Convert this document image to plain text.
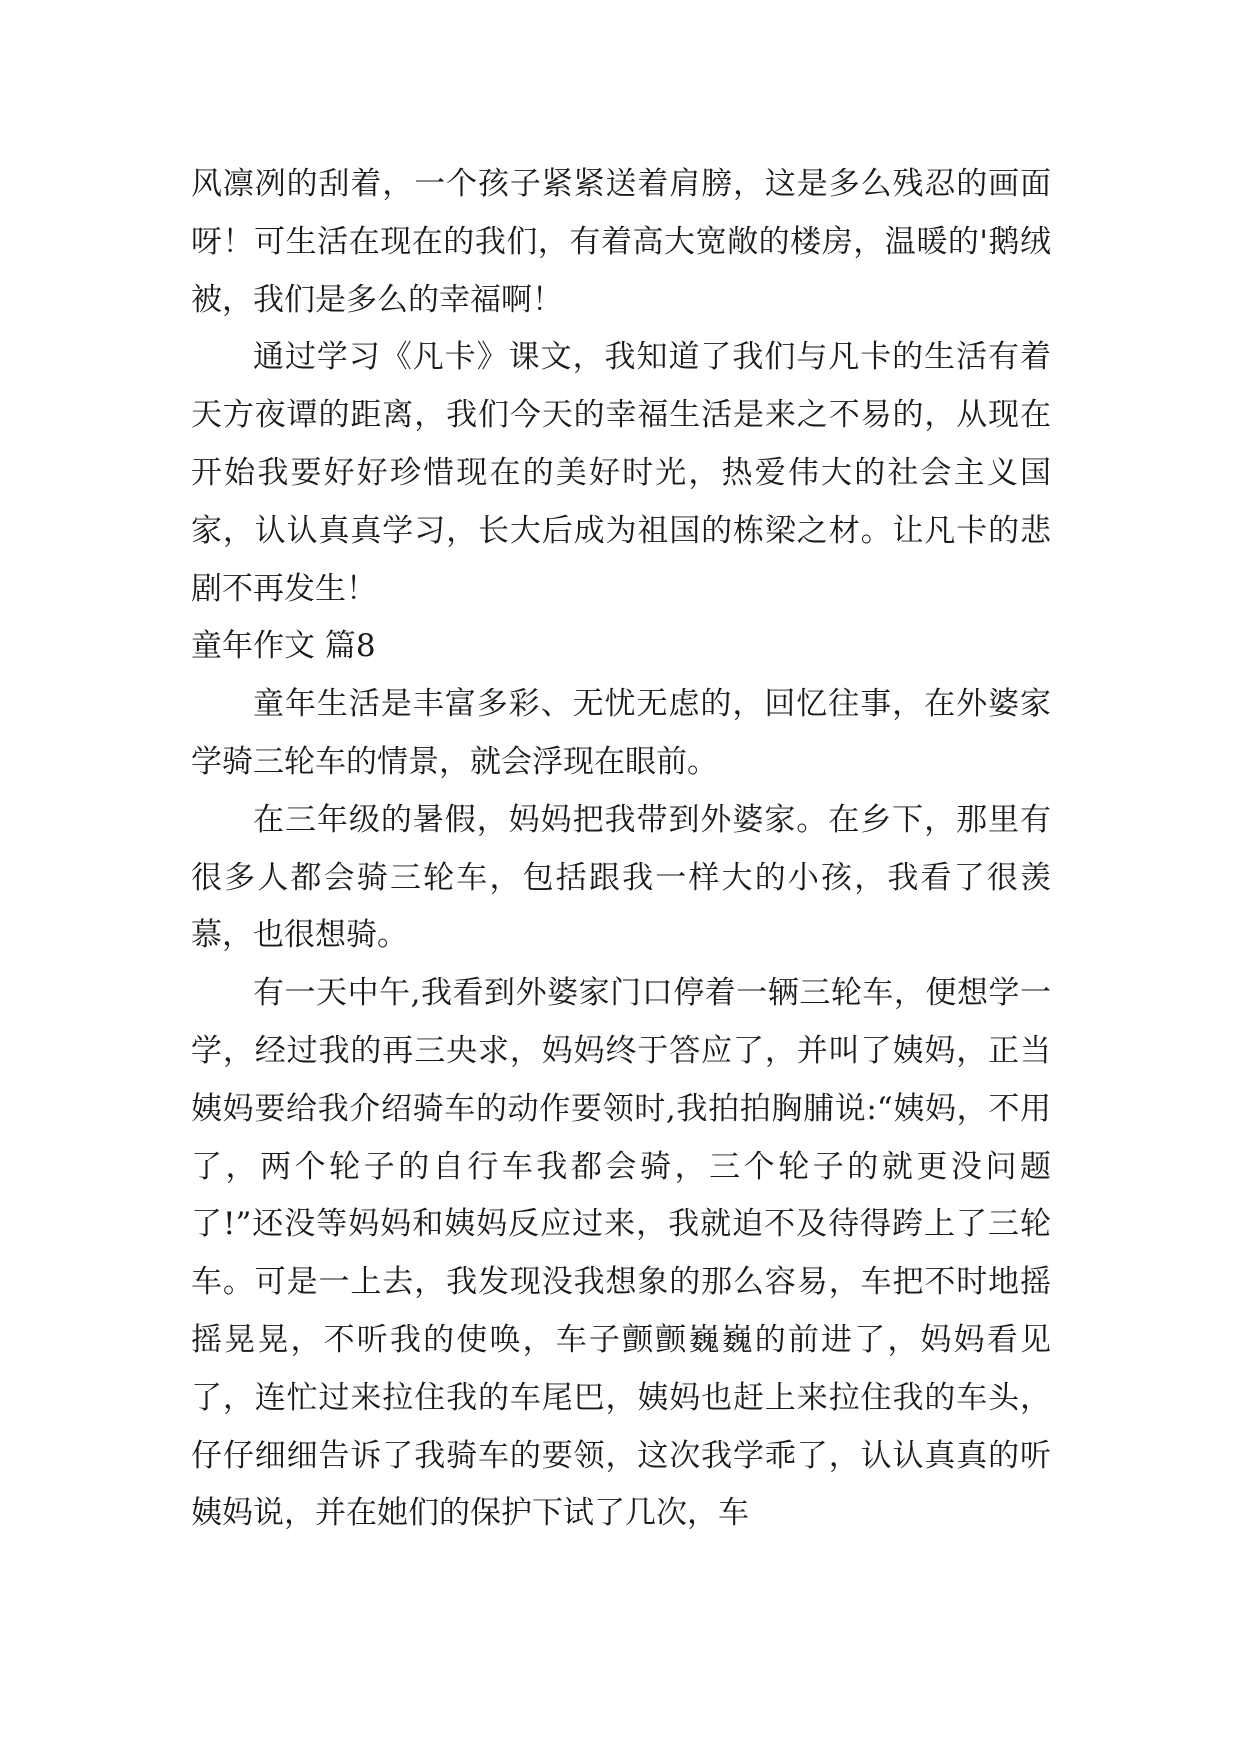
风凛冽的刮着，一个孩子紧紧送着肩膀，这是多么残忍的画面呀！可生活在现在的我们，有着高大宽敞的楼房，温暖的'鹅绒被，我们是多么的幸福啊！

通过学习《凡卡》课文，我知道了我们与凡卡的生活有着天方夜谭的距离，我们今天的幸福生活是来之不易的，从现在开始我要好好珍惜现在的美好时光，热爱伟大的社会主义国家，认认真真学习，长大后成为祖国的栋梁之材。让凡卡的悲剧不再发生！

童年作文 篇8

童年生活是丰富多彩、无忧无虑的，回忆往事，在外婆家学骑三轮车的情景，就会浮现在眼前。

在三年级的暑假，妈妈把我带到外婆家。在乡下，那里有很多人都会骑三轮车，包括跟我一样大的小孩，我看了很羡慕，也很想骑。

有一天中午,我看到外婆家门口停着一辆三轮车，便想学一学，经过我的再三央求，妈妈终于答应了，并叫了姨妈，正当姨妈要给我介绍骑车的动作要领时,我拍拍胸脯说:“姨妈，不用了，两个轮子的自行车我都会骑，三个轮子的就更没问题了!”还没等妈妈和姨妈反应过来，我就迫不及待得跨上了三轮车。可是一上去，我发现没我想象的那么容易，车把不时地摇摇晃晃，不听我的使唤，车子颤颤巍巍的前进了，妈妈看见了，连忙过来拉住我的车尾巴，姨妈也赶上来拉住我的车头，仔仔细细告诉了我骑车的要领，这次我学乖了，认认真真的听姨妈说，并在她们的保护下试了几次，车
